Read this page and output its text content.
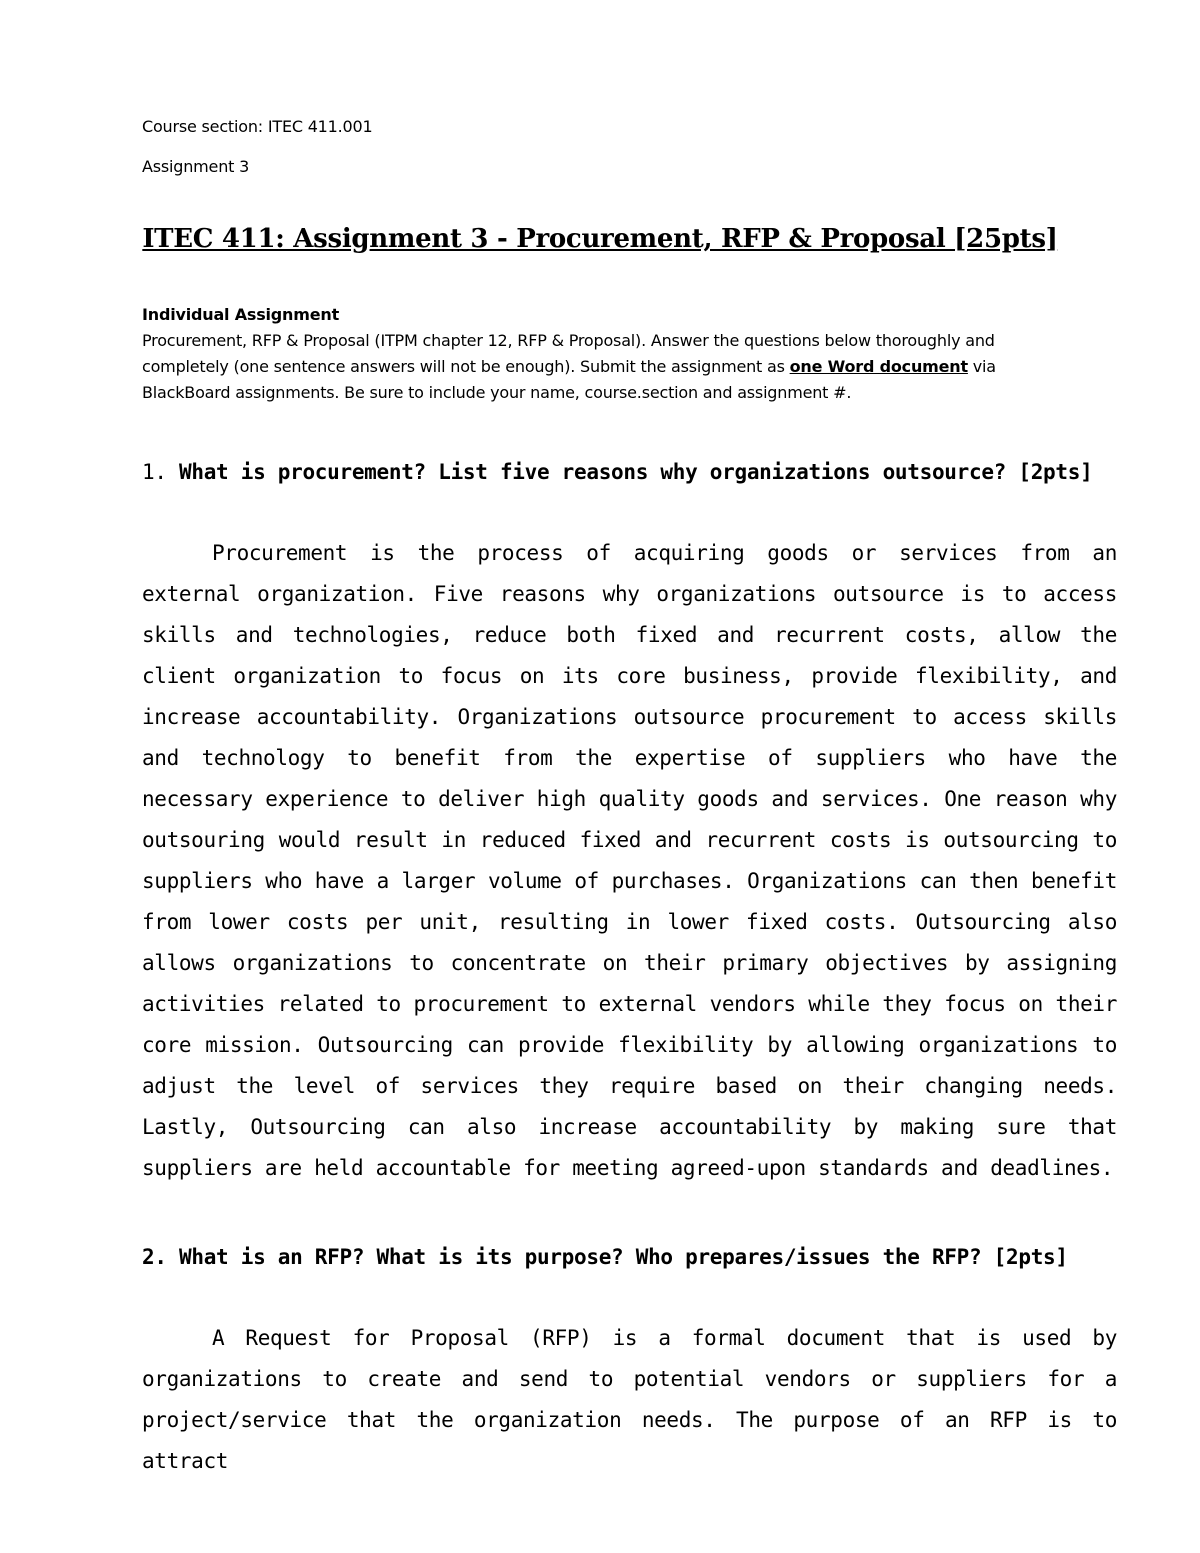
Course section: ITEC 411.001
Assignment 3
ITEC 411: Assignment 3 - Procurement, RFP & Proposal [25pts]
Individual Assignment
Procurement, RFP & Proposal (ITPM chapter 12, RFP & Proposal). Answer the questions below thoroughly and completely (one sentence answers will not be enough). Submit the assignment as one Word document via BlackBoard assignments. Be sure to include your name, course.section and assignment #.
1. What is procurement? List five reasons why organizations outsource? [2pts]
Procurement is the process of acquiring goods or services from an external organization. Five reasons why organizations outsource is to access skills and technologies, reduce both fixed and recurrent costs, allow the client organization to focus on its core business, provide flexibility, and increase accountability. Organizations outsource procurement to access skills and technology to benefit from the expertise of suppliers who have the necessary experience to deliver high quality goods and services. One reason why outsouring would result in reduced fixed and recurrent costs is outsourcing to suppliers who have a larger volume of purchases. Organizations can then benefit from lower costs per unit, resulting in lower fixed costs. Outsourcing also allows organizations to concentrate on their primary objectives by assigning activities related to procurement to external vendors while they focus on their core mission. Outsourcing can provide flexibility by allowing organizations to adjust the level of services they require based on their changing needs. Lastly, Outsourcing can also increase accountability by making sure that suppliers are held accountable for meeting agreed-upon standards and deadlines.
2. What is an RFP? What is its purpose? Who prepares/issues the RFP? [2pts]
A Request for Proposal (RFP) is a formal document that is used by organizations to create and send to potential vendors or suppliers for a project/service that the organization needs. The purpose of an RFP is to attract
